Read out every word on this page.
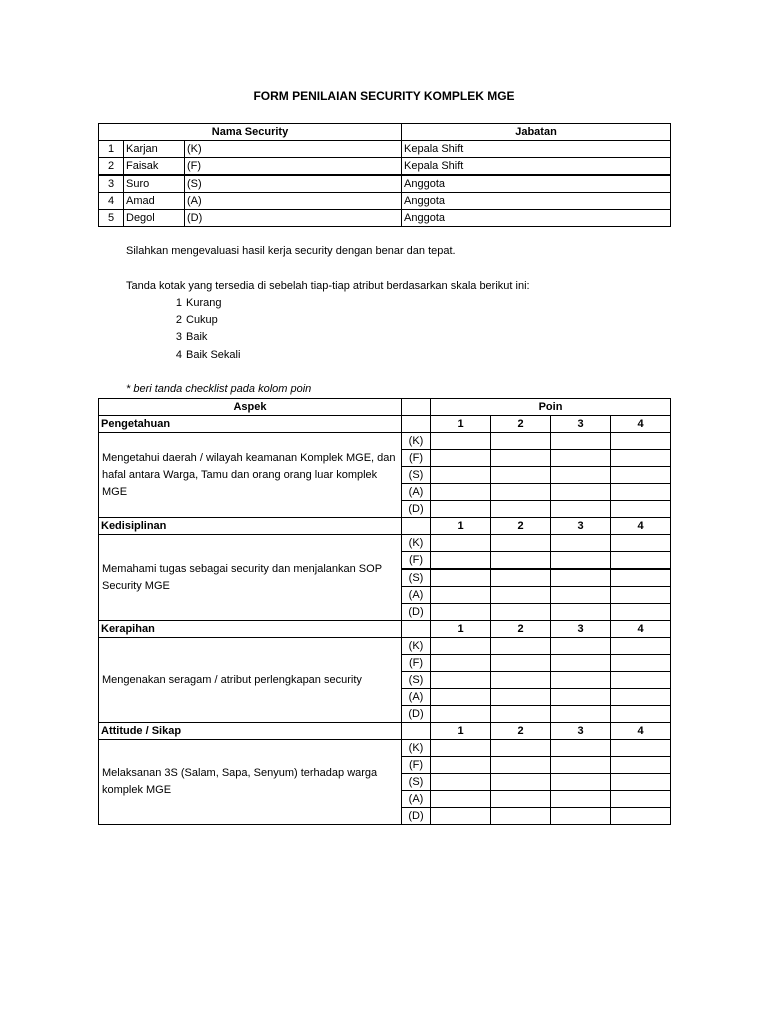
FORM PENILAIAN SECURITY KOMPLEK MGE
Nama Security			Jabatan
1	Karjan	(K)	Kepala Shift
2	Faisak	(F)	Kepala Shift
3	Suro	(S)	Anggota
4	Amad	(A)	Anggota
5	Degol	(D)	Anggota
Silahkan mengevaluasi hasil kerja security dengan benar dan tepat.
Tanda kotak yang tersedia di sebelah tiap-tiap atribut berdasarkan skala berikut ini:
1 Kurang
2 Cukup
3 Baik
4 Baik Sekali
* beri tanda checklist pada kolom poin
Aspek		Poin			
Pengetahuan		1	2	3	4
Mengetahui daerah / wilayah keamanan Komplek MGE, dan hafal antara Warga, Tamu dan orang orang luar komplek MGE	(K)				
	(F)				
	(S)				
	(A)				
	(D)				
Kedisiplinan		1	2	3	4
Memahami tugas sebagai security dan menjalankan SOP Security MGE	(K)				
	(F)				
	(S)				
	(A)				
	(D)				
Kerapihan		1	2	3	4
Mengenakan seragam / atribut perlengkapan security	(K)				
	(F)				
	(S)				
	(A)				
	(D)				
Attitude / Sikap		1	2	3	4
Melaksanan 3S (Salam, Sapa, Senyum) terhadap warga komplek MGE	(K)				
	(F)				
	(S)				
	(A)				
	(D)				
